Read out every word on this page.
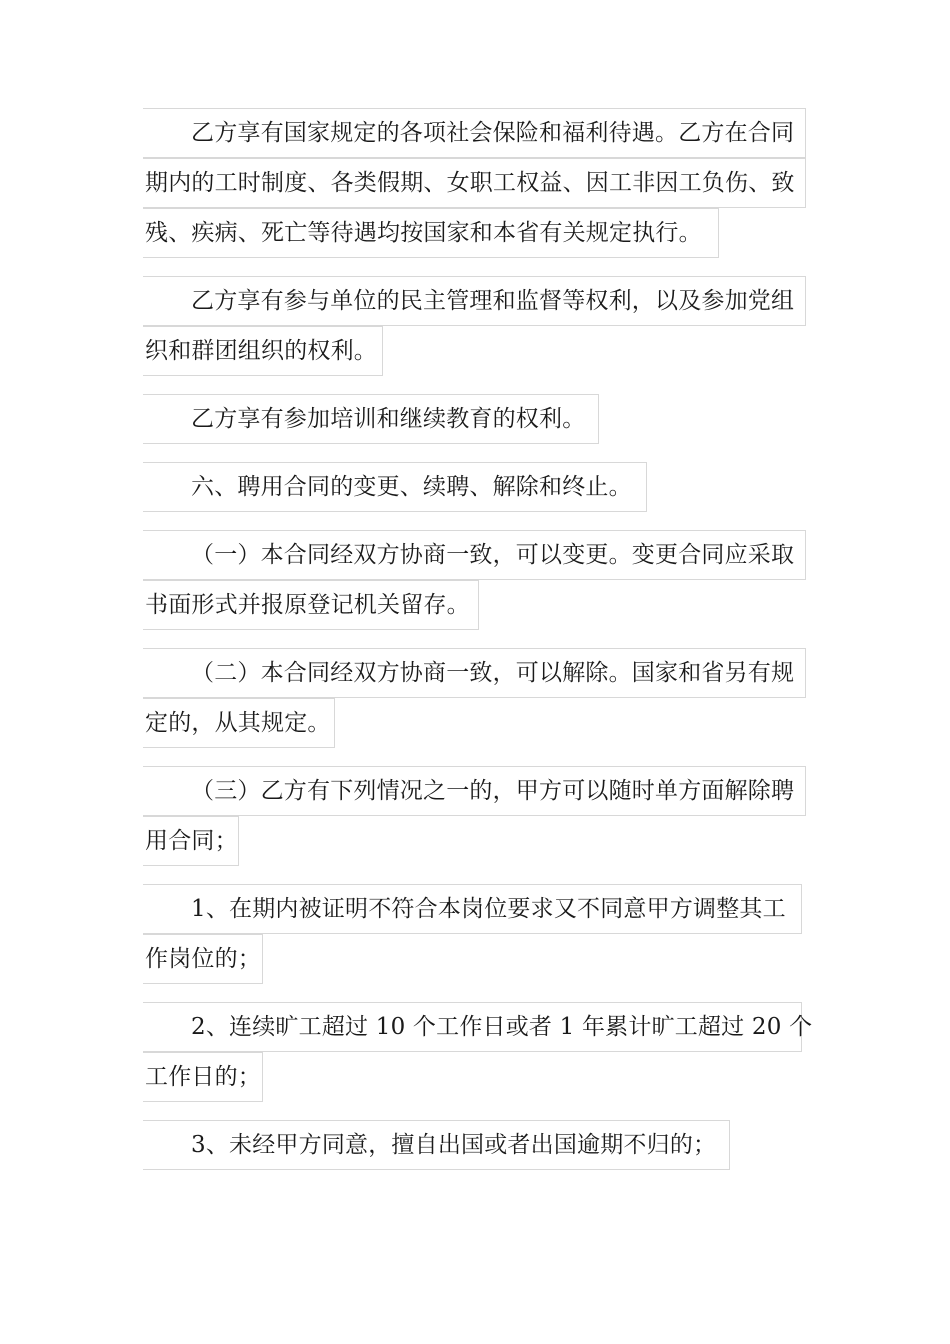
乙方享有国家规定的各项社会保险和福利待遇。乙方在合同
期内的工时制度、各类假期、女职工权益、因工非因工负伤、致
残、疾病、死亡等待遇均按国家和本省有关规定执行。
乙方享有参与单位的民主管理和监督等权利，以及参加党组
织和群团组织的权利。
乙方享有参加培训和继续教育的权利。
六、聘用合同的变更、续聘、解除和终止。
（一）本合同经双方协商一致，可以变更。变更合同应采取
书面形式并报原登记机关留存。
（二）本合同经双方协商一致，可以解除。国家和省另有规
定的，从其规定。
（三）乙方有下列情况之一的，甲方可以随时单方面解除聘
用合同；
1、在期内被证明不符合本岗位要求又不同意甲方调整其工
作岗位的；
2、连续旷工超过 10 个工作日或者 1 年累计旷工超过 20 个
工作日的；
3、未经甲方同意，擅自出国或者出国逾期不归的；
